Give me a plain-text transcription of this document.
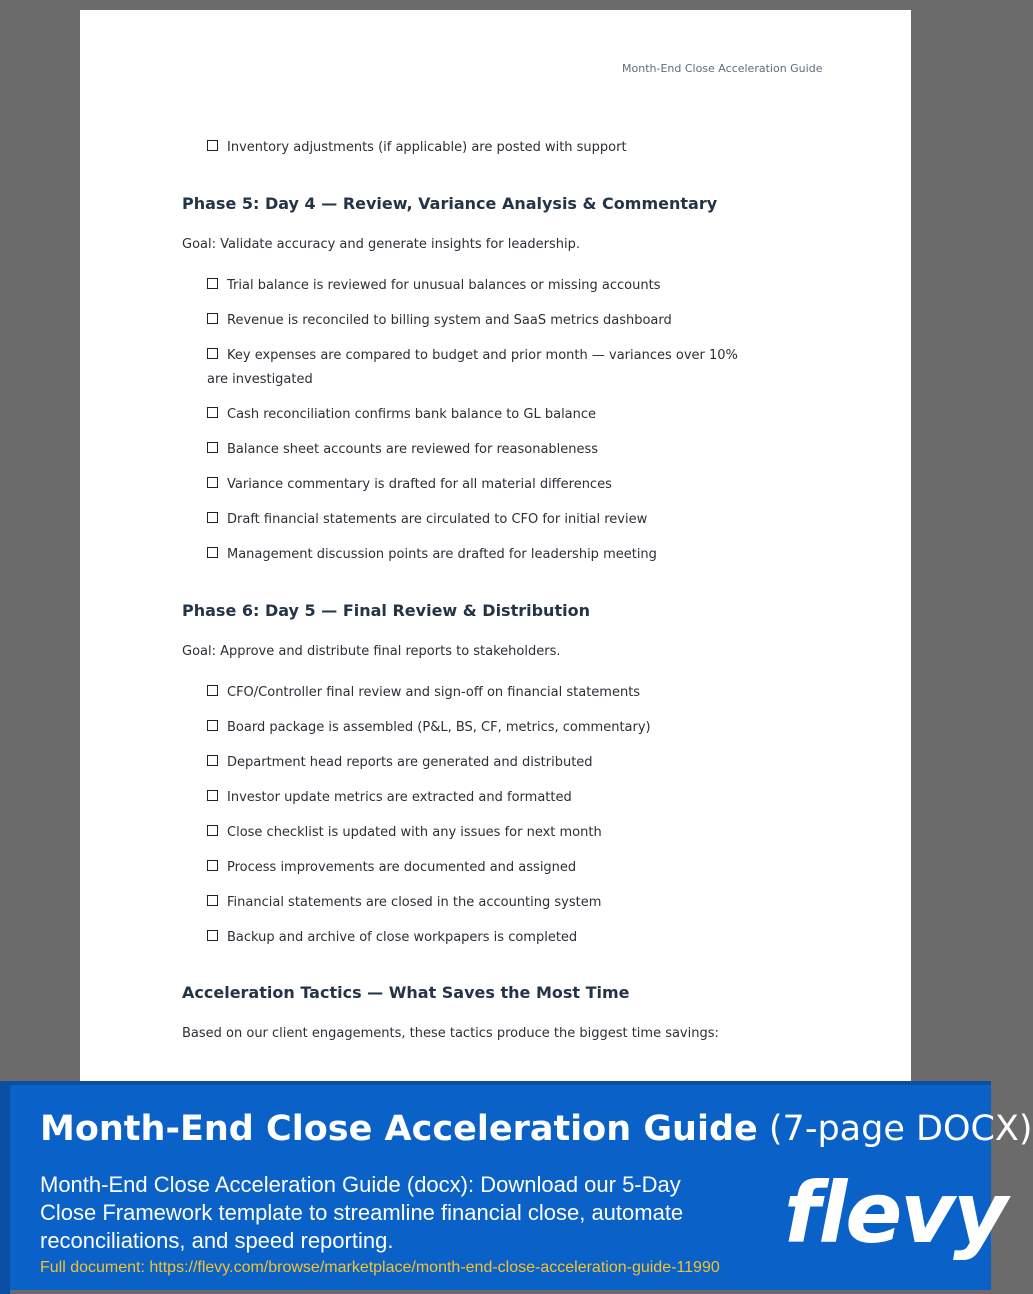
Month-End Close Acceleration Guide
Inventory adjustments (if applicable) are posted with support
Phase 5: Day 4 — Review, Variance Analysis & Commentary
Goal: Validate accuracy and generate insights for leadership.
Trial balance is reviewed for unusual balances or missing accounts
Revenue is reconciled to billing system and SaaS metrics dashboard
Key expenses are compared to budget and prior month — variances over 10% are investigated
Cash reconciliation confirms bank balance to GL balance
Balance sheet accounts are reviewed for reasonableness
Variance commentary is drafted for all material differences
Draft financial statements are circulated to CFO for initial review
Management discussion points are drafted for leadership meeting
Phase 6: Day 5 — Final Review & Distribution
Goal: Approve and distribute final reports to stakeholders.
CFO/Controller final review and sign-off on financial statements
Board package is assembled (P&L, BS, CF, metrics, commentary)
Department head reports are generated and distributed
Investor update metrics are extracted and formatted
Close checklist is updated with any issues for next month
Process improvements are documented and assigned
Financial statements are closed in the accounting system
Backup and archive of close workpapers is completed
Acceleration Tactics — What Saves the Most Time
Based on our client engagements, these tactics produce the biggest time savings:
Month-End Close Acceleration Guide (7-page DOCX)
Month-End Close Acceleration Guide (docx): Download our 5-Day Close Framework template to streamline financial close, automate reconciliations, and speed reporting.
Full document: https://flevy.com/browse/marketplace/month-end-close-acceleration-guide-11990
flevy
